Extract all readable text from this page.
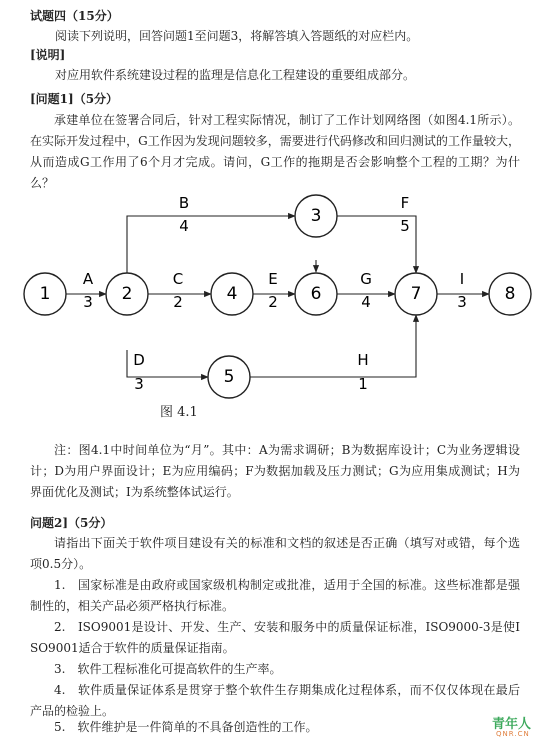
试题四（15分）
阅读下列说明，回答问题1至问题3，将解答填入答题纸的对应栏内。
[说明]
对应用软件系统建设过程的监理是信息化工程建设的重要组成部分。
[问题1]（5分）
承建单位在签署合同后，针对工程实际情况，制订了工作计划网络图（如图4.1所示）。在实际开发过程中，G工作因为发现问题较多，需要进行代码修改和回归测试的工作量较大，从而造成G工作用了6个月才完成。请问，G工作的拖期是否会影响整个工程的工期？为什么？
A
3
B
4
C
2
D
3
E
2
F
5
G
4
H
1
I
3
1	2
3
4
5
6	7	8
图 4.1
注：图4.1中时间单位为“月”。其中：A为需求调研；B为数据库设计；C为业务逻辑设计；D为用户界面设计；E为应用编码；F为数据加载及压力测试；G为应用集成测试；H为界面优化及测试；I为系统整体试运行。
问题2]（5分）
请指出下面关于软件项目建设有关的标准和文档的叙述是否正确（填写对或错，每个选项0.5分）。
1.　国家标准是由政府或国家级机构制定或批准，适用于全国的标准。这些标准都是强制性的，相关产品必须严格执行标准。
2.　ISO9001是设计、开发、生产、安装和服务中的质量保证标准，ISO9000-3是使ISO9001适合于软件的质量保证指南。
3.　软件工程标准化可提高软件的生产率。
4.　软件质量保证体系是贯穿于整个软件生存期集成化过程体系，而不仅仅体现在最后产品的检验上。
5.　软件维护是一件简单的不具备创造性的工作。	青年人
QNR.CN
